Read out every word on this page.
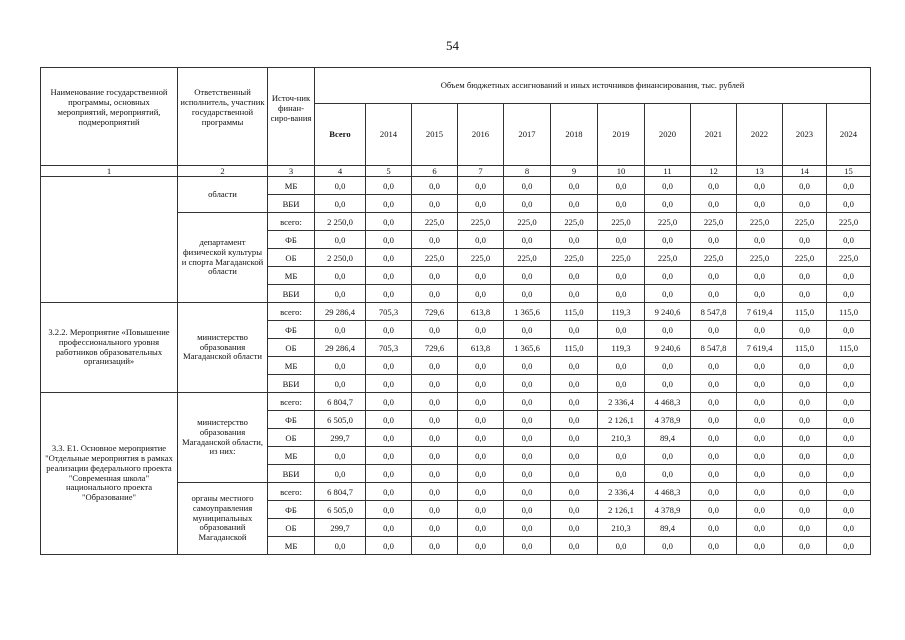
54
Наименование государственной программы, основных мероприятий, мероприятий, подмероприятий	Ответственный исполнитель, участник государственной программы	Источ-ник финан-сиро-вания	Объем бюджетных ассигнований и иных источников финансирования, тыс. рублей											
			Всего	2014	2015	2016	2017	2018	2019	2020	2021	2022	2023	2024
1	2	3	4	5	6	7	8	9	10	11	12	13	14	15
	области	МБ	0,0	0,0	0,0	0,0	0,0	0,0	0,0	0,0	0,0	0,0	0,0	0,0
		ВБИ	0,0	0,0	0,0	0,0	0,0	0,0	0,0	0,0	0,0	0,0	0,0	0,0
	департамент физической культуры и спорта Магаданской области	всего:	2 250,0	0,0	225,0	225,0	225,0	225,0	225,0	225,0	225,0	225,0	225,0	225,0
		ФБ	0,0	0,0	0,0	0,0	0,0	0,0	0,0	0,0	0,0	0,0	0,0	0,0
		ОБ	2 250,0	0,0	225,0	225,0	225,0	225,0	225,0	225,0	225,0	225,0	225,0	225,0
		МБ	0,0	0,0	0,0	0,0	0,0	0,0	0,0	0,0	0,0	0,0	0,0	0,0
		ВБИ	0,0	0,0	0,0	0,0	0,0	0,0	0,0	0,0	0,0	0,0	0,0	0,0
3.2.2. Мероприятие «Повышение профессионального уровня работников образовательных организаций»	министерство образования Магаданской области	всего:	29 286,4	705,3	729,6	613,8	1 365,6	115,0	119,3	9 240,6	8 547,8	7 619,4	115,0	115,0
		ФБ	0,0	0,0	0,0	0,0	0,0	0,0	0,0	0,0	0,0	0,0	0,0	0,0
		ОБ	29 286,4	705,3	729,6	613,8	1 365,6	115,0	119,3	9 240,6	8 547,8	7 619,4	115,0	115,0
		МБ	0,0	0,0	0,0	0,0	0,0	0,0	0,0	0,0	0,0	0,0	0,0	0,0
		ВБИ	0,0	0,0	0,0	0,0	0,0	0,0	0,0	0,0	0,0	0,0	0,0	0,0
3.3. Е1. Основное мероприятие "Отдельные мероприятия в рамках реализации федерального проекта "Современная школа" национального проекта "Образование"	министерство образования Магаданской области, из них:	всего:	6 804,7	0,0	0,0	0,0	0,0	0,0	2 336,4	4 468,3	0,0	0,0	0,0	0,0
		ФБ	6 505,0	0,0	0,0	0,0	0,0	0,0	2 126,1	4 378,9	0,0	0,0	0,0	0,0
		ОБ	299,7	0,0	0,0	0,0	0,0	0,0	210,3	89,4	0,0	0,0	0,0	0,0
		МБ	0,0	0,0	0,0	0,0	0,0	0,0	0,0	0,0	0,0	0,0	0,0	0,0
		ВБИ	0,0	0,0	0,0	0,0	0,0	0,0	0,0	0,0	0,0	0,0	0,0	0,0
	органы местного самоуправления муниципальных образований Магаданской	всего:	6 804,7	0,0	0,0	0,0	0,0	0,0	2 336,4	4 468,3	0,0	0,0	0,0	0,0
		ФБ	6 505,0	0,0	0,0	0,0	0,0	0,0	2 126,1	4 378,9	0,0	0,0	0,0	0,0
		ОБ	299,7	0,0	0,0	0,0	0,0	0,0	210,3	89,4	0,0	0,0	0,0	0,0
		МБ	0,0	0,0	0,0	0,0	0,0	0,0	0,0	0,0	0,0	0,0	0,0	0,0
